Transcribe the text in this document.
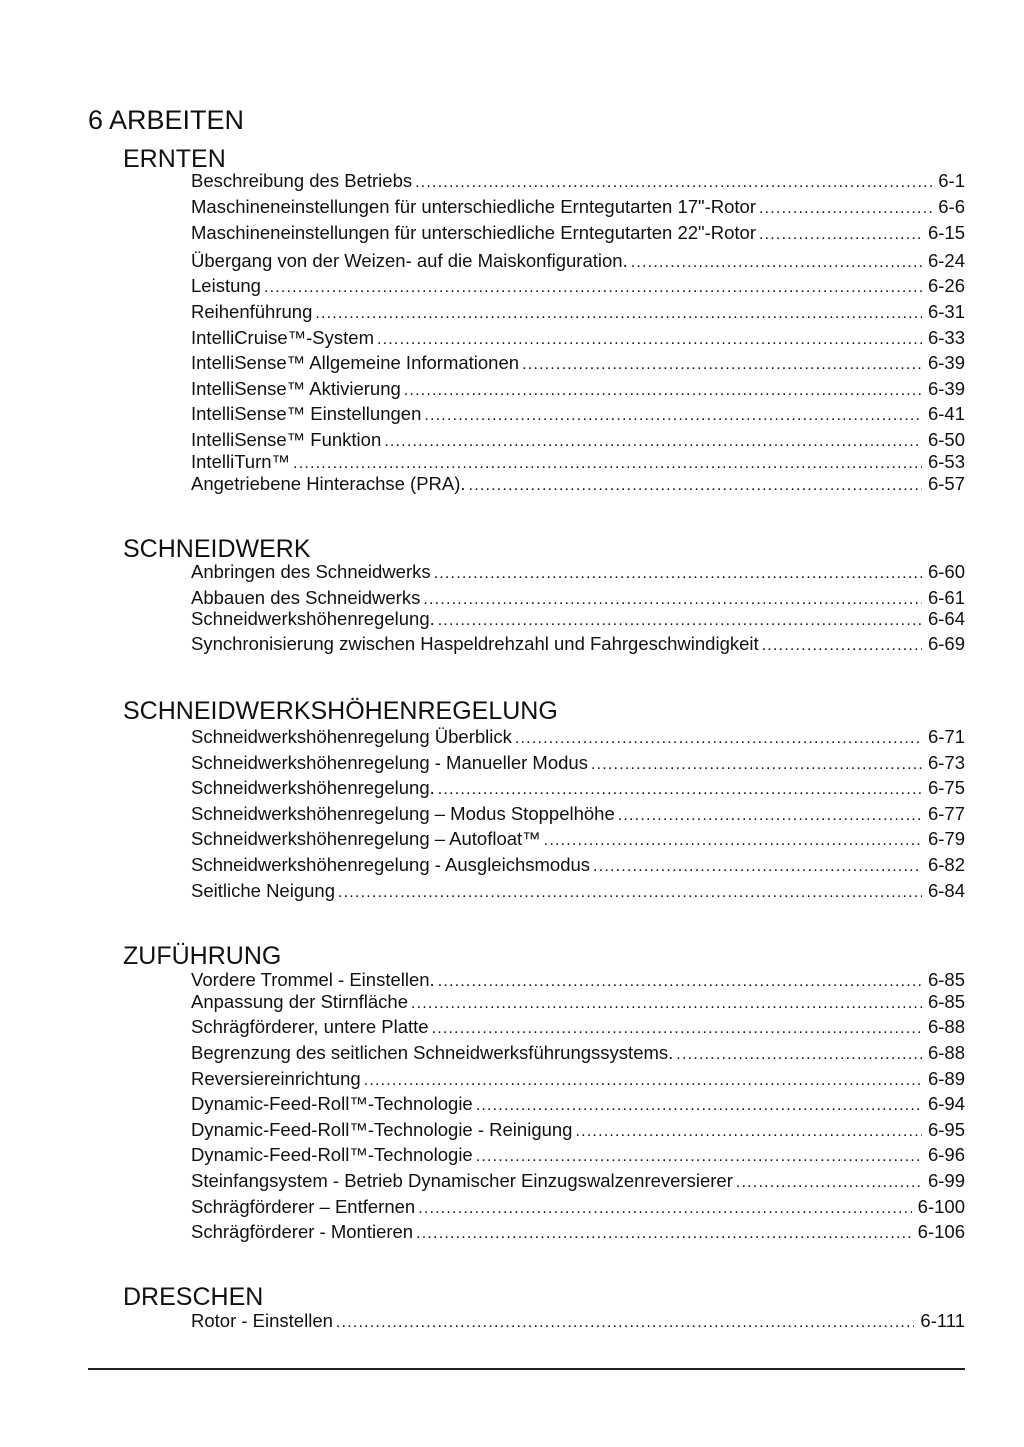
6 ARBEITEN
ERNTEN
Beschreibung des Betriebs .....	6-1
Maschineneinstellungen für unterschiedliche Erntegutarten 17"-Rotor .....	6-6
Maschineneinstellungen für unterschiedliche Erntegutarten 22"-Rotor .....	6-15
Übergang von der Weizen- auf die Maiskonfiguration. .....	6-24
Leistung .....	6-26
Reihenführung .....	6-31
IntelliCruise™-System .....	6-33
IntelliSense™ Allgemeine Informationen .....	6-39
IntelliSense™ Aktivierung .....	6-39
IntelliSense™ Einstellungen .....	6-41
IntelliSense™ Funktion .....	6-50
IntelliTurn™ .....	6-53
Angetriebene Hinterachse (PRA). .....	6-57
SCHNEIDWERK
Anbringen des Schneidwerks .....	6-60
Abbauen des Schneidwerks .....	6-61
Schneidwerkshöhenregelung. .....	6-64
Synchronisierung zwischen Haspeldrehzahl und Fahrgeschwindigkeit .....	6-69
SCHNEIDWERKSHÖHENREGELUNG
Schneidwerkshöhenregelung Überblick .....	6-71
Schneidwerkshöhenregelung - Manueller Modus .....	6-73
Schneidwerkshöhenregelung. .....	6-75
Schneidwerkshöhenregelung – Modus Stoppelhöhe .....	6-77
Schneidwerkshöhenregelung – Autofloat™ .....	6-79
Schneidwerkshöhenregelung - Ausgleichsmodus .....	6-82
Seitliche Neigung .....	6-84
ZUFÜHRUNG
Vordere Trommel - Einstellen. .....	6-85
Anpassung der Stirnfläche .....	6-85
Schrägförderer, untere Platte .....	6-88
Begrenzung des seitlichen Schneidwerksführungssystems. .....	6-88
Reversiereinrichtung .....	6-89
Dynamic-Feed-Roll™-Technologie .....	6-94
Dynamic-Feed-Roll™-Technologie - Reinigung .....	6-95
Dynamic-Feed-Roll™-Technologie .....	6-96
Steinfangsystem - Betrieb Dynamischer Einzugswalzenreversierer .....	6-99
Schrägförderer – Entfernen .....	6-100
Schrägförderer - Montieren .....	6-106
DRESCHEN
Rotor - Einstellen .....	6-111
